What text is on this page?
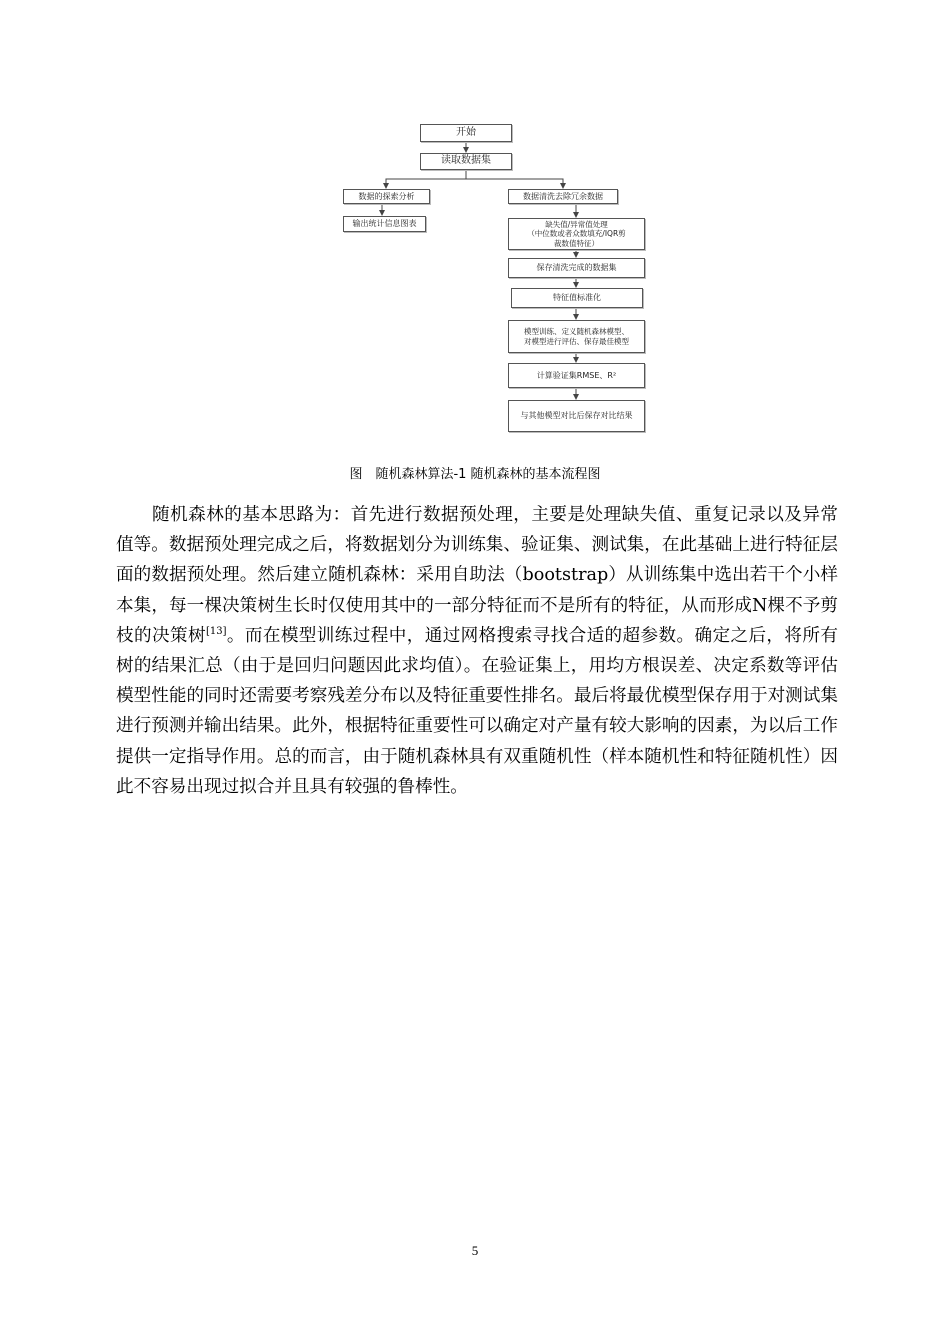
开始
读取数据集
数据的探索分析
输出统计信息图表
数据清洗去除冗余数据
缺失值/异常值处理
（中位数或者众数填充/IQR剪
裁数值特征）
保存清洗完成的数据集
特征值标准化
模型训练、定义随机森林模型、
对模型进行评估、保存最佳模型
计算验证集RMSE、R²
与其他模型对比后保存对比结果
图　随机森林算法-1 随机森林的基本流程图

随机森林的基本思路为：首先进行数据预处理，主要是处理缺失值、重复记录以及异常值等。数据预处理完成之后，将数据划分为训练集、验证集、测试集，在此基础上进行特征层面的数据预处理。然后建立随机森林：采用自助法（bootstrap）从训练集中选出若干个小样本集，每一棵决策树生长时仅使用其中的一部分特征而不是所有的特征，从而形成N棵不予剪枝的决策树[13]。而在模型训练过程中，通过网格搜索寻找合适的超参数。确定之后，将所有树的结果汇总（由于是回归问题因此求均值）。在验证集上，用均方根误差、决定系数等评估模型性能的同时还需要考察残差分布以及特征重要性排名。最后将最优模型保存用于对测试集进行预测并输出结果。此外，根据特征重要性可以确定对产量有较大影响的因素，为以后工作提供一定指导作用。总的而言，由于随机森林具有双重随机性（样本随机性和特征随机性）因此不容易出现过拟合并且具有较强的鲁棒性。

5
